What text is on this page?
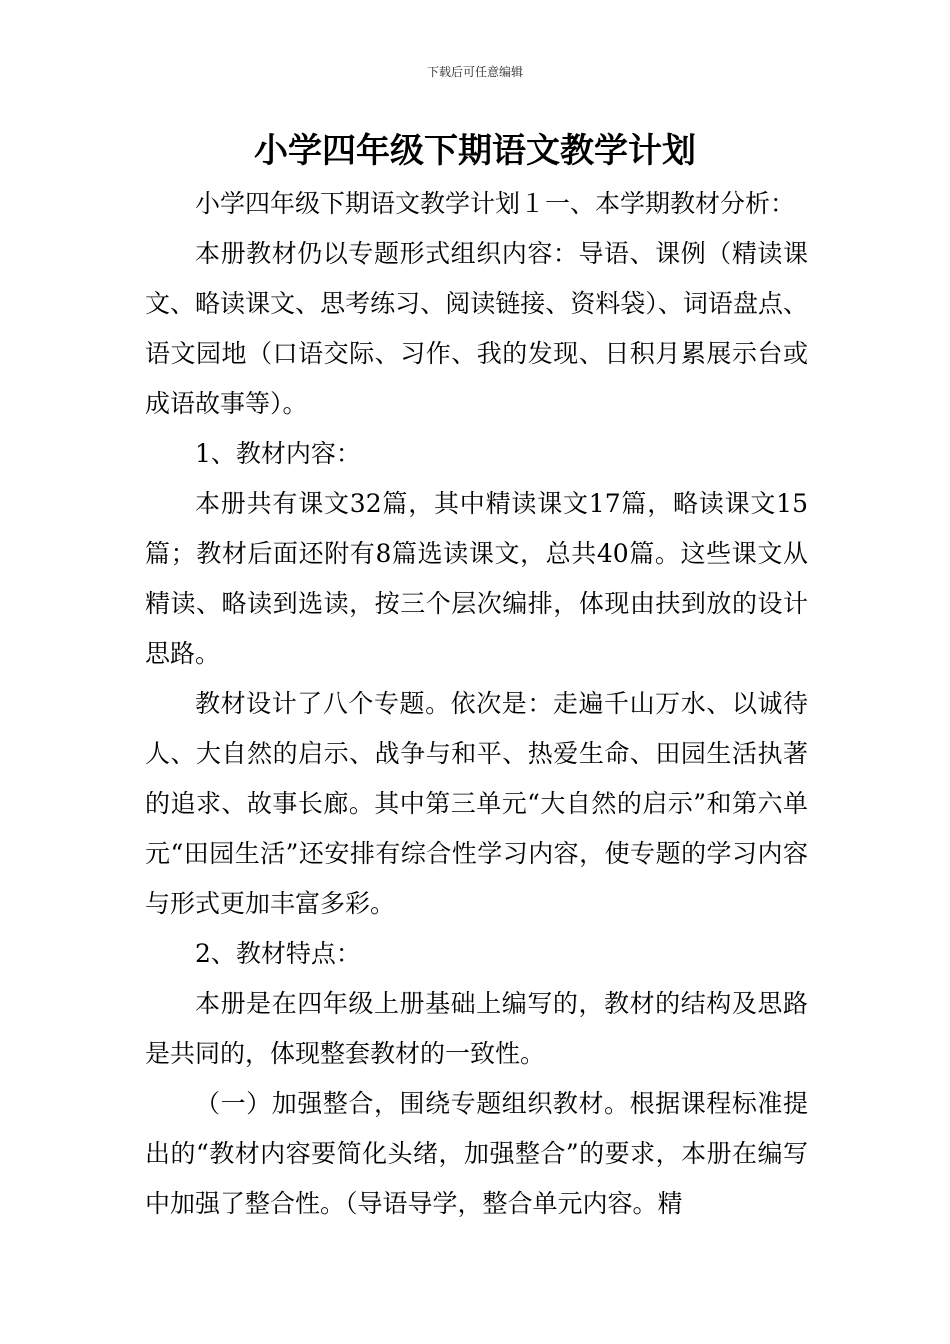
下载后可任意编辑
小学四年级下期语文教学计划

小学四年级下期语文教学计划１一、本学期教材分析：

本册教材仍以专题形式组织内容：导语、课例（精读课文、略读课文、思考练习、阅读链接、资料袋）、词语盘点、语文园地（口语交际、习作、我的发现、日积月累展示台或成语故事等）。

1、教材内容：

本册共有课文32篇，其中精读课文17篇，略读课文15篇；教材后面还附有8篇选读课文，总共40篇。这些课文从精读、略读到选读，按三个层次编排，体现由扶到放的设计思路。

教材设计了八个专题。依次是：走遍千山万水、以诚待人、大自然的启示、战争与和平、热爱生命、田园生活执著的追求、故事长廊。其中第三单元“大自然的启示”和第六单元“田园生活”还安排有综合性学习内容，使专题的学习内容与形式更加丰富多彩。

2、教材特点：

本册是在四年级上册基础上编写的，教材的结构及思路是共同的，体现整套教材的一致性。

（一）加强整合，围绕专题组织教材。根据课程标准提出的“教材内容要简化头绪，加强整合”的要求，本册在编写中加强了整合性。（导语导学，整合单元内容。精
